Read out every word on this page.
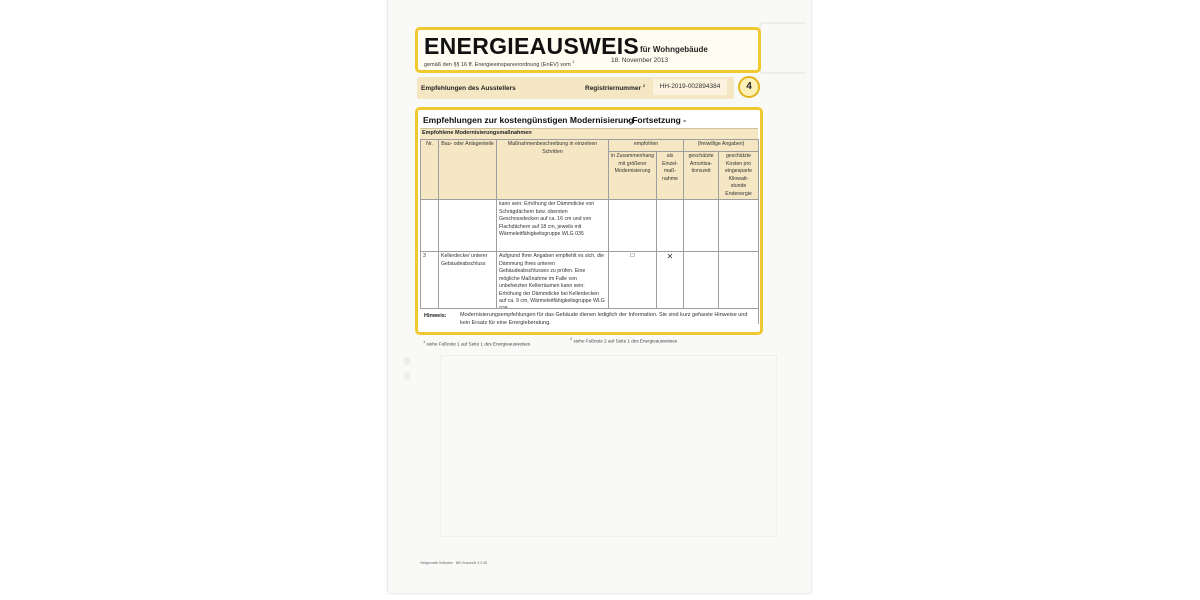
ENERGIEAUSWEIS für Wohngebäude
gemäß den §§ 16 ff. Energieeinsparverordnung (EnEV) vom $^1$	18. November 2013
Empfehlungen des Ausstellers	Registriernummer $^2$	HH-2019-002894384	4
Empfehlungen zur kostengünstigen Modernisierung
- Fortsetzung -
Empfohlene Modernisierungsmaßnahmen
Nr.	Bau- oder Anlagenteile	Maßnahmenbeschreibung in einzelnen Schritten	empfohlen		(freiwillige Angaben)	
			in Zusammenhang mit größerer Modernisierung	als Einzel-maß-nahme	geschätzte Amortisa-tionszeit	geschätzte Kosten pro eingesparte Kilowatt-stunde Endenergie
		kann sein: Erhöhung der Dämmdicke von Schrägdächern bzw. obersten Geschossdecken auf ca. 16 cm und von Flachdächern auf 18 cm, jeweils mit Wärmeleitfähigkeitsgruppe WLG 035				
3	Kellerdecke/ unterer Gebäudeabschluss	Aufgrund Ihrer Angaben empfiehlt es sich, die Dämmung Ihres unteren Gebäudeabschlusses zu prüfen. Eine mögliche Maßnahme im Falle von unbeheizten Kellerräumen kann sein: Erhöhung der Dämmdicke bei Kellerdecken auf ca. 9 cm, Wärmeleitfähigkeitsgruppe WLG	☐	✕		
Hinweis: Modernisierungsempfehlungen für das Gebäude dienen lediglich der Information. Sie sind kurz gefasste Hinweise und kein Ersatz für eine Energieberatung.
1 siehe Fußnote 1 auf Seite 1 des Energieausweises
2 siehe Fußnote 2 auf Seite 1 des Energieausweises
Heilgenrath Software · NB Vorschrift 3.2.45
